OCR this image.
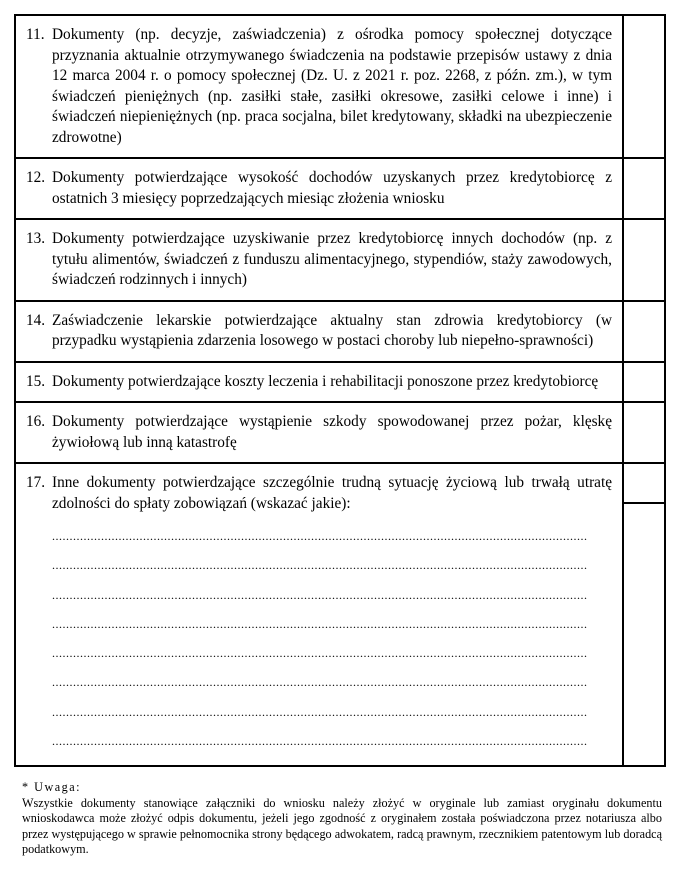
11. Dokumenty (np. decyzje, zaświadczenia) z ośrodka pomocy społecznej dotyczące przyznania aktualnie otrzymywanego świadczenia na podstawie przepisów ustawy z dnia 12 marca 2004 r. o pomocy społecznej (Dz. U. z 2021 r. poz. 2268, z późn. zm.), w tym świadczeń pieniężnych (np. zasiłki stałe, zasiłki okresowe, zasiłki celowe i inne) i świadczeń niepieniężnych (np. praca socjalna, bilet kredytowany, składki na ubezpieczenie zdrowotne)
12. Dokumenty potwierdzające wysokość dochodów uzyskanych przez kredytobiorcę z ostatnich 3 miesięcy poprzedzających miesiąc złożenia wniosku
13. Dokumenty potwierdzające uzyskiwanie przez kredytobiorcę innych dochodów (np. z tytułu alimentów, świadczeń z funduszu alimentacyjnego, stypendiów, staży zawodowych, świadczeń rodzinnych i innych)
14. Zaświadczenie lekarskie potwierdzające aktualny stan zdrowia kredytobiorcy (w przypadku wystąpienia zdarzenia losowego w postaci choroby lub niepełno-sprawności)
15. Dokumenty potwierdzające koszty leczenia i rehabilitacji ponoszone przez kredytobiorcę
16. Dokumenty potwierdzające wystąpienie szkody spowodowanej przez pożar, klęskę żywiołową lub inną katastrofę
17. Inne dokumenty potwierdzające szczególnie trudną sytuację życiową lub trwałą utratę zdolności do spłaty zobowiązań (wskazać jakie):
.........................................................................................................................................................
.........................................................................................................................................................
.........................................................................................................................................................
.........................................................................................................................................................
.........................................................................................................................................................
.........................................................................................................................................................
.........................................................................................................................................................
.........................................................................................................................................................
* Uwaga:
Wszystkie dokumenty stanowiące załączniki do wniosku należy złożyć w oryginale lub zamiast oryginału dokumentu wnioskodawca może złożyć odpis dokumentu, jeżeli jego zgodność z oryginałem została poświadczona przez notariusza albo przez występującego w sprawie pełnomocnika strony będącego adwokatem, radcą prawnym, rzecznikiem patentowym lub doradcą podatkowym.
